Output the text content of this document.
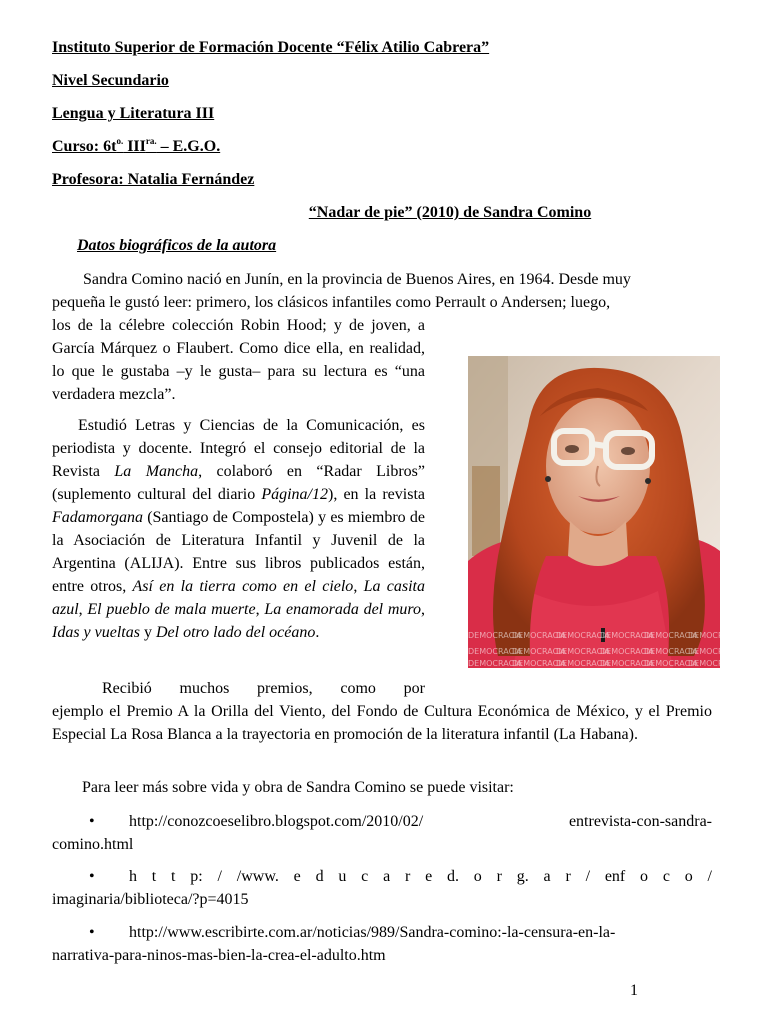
Instituto Superior de Formación Docente “Félix Atilio Cabrera”
Nivel Secundario
Lengua y Literatura III
Curso: $6t^{o.}$ $III^{ra.} - E.G.O$.
Profesora: Natalia Fernández
“Nadar de pie” (2010) de Sandra Comino
Datos biográficos de la autora

Sandra Comino nació en Junín, en la provincia de Buenos Aires, en 1964. Desde muy

pequeña le gustó leer: primero, los clásicos infantiles como Perrault o Andersen; luego,

los de la célebre colección Robin Hood; y de joven, a García Márquez o Flaubert. Como dice ella, en realidad, lo que le gustaba –y le gusta– para su lectura es “una verdadera mezcla”.

Estudió Letras y Ciencias de la Comunicación, es periodista y docente. Integró el consejo editorial de la Revista La Mancha, colaboró en “Radar Libros” (suplemento cultural del diario Página/12), en la revista Fadamorgana (Santiago de Compostela) y es miembro de la Asociación de Literatura Infantil y Juvenil de la Argentina (ALIJA). Entre sus libros publicados están, entre otros, Así en la tierra como en el cielo, La casita azul, El pueblo de mala muerte, La enamorada del muro, Idas y vueltas y Del otro lado del océano.	DEMOCRACIA
DEMOCRACIA
DEMOCRACIA
DEMOCRACIA
DEMOCRACIA
DEMOCRACIA
DEMOCRACIA
DEMOCRACIA
DEMOCRACIA
DEMOCRACIA
DEMOCRACIA
DEMOCRACIA
DEMOCRACIA
DEMOCRACIA
DEMOCRACIA
DEMOCRACIA
DEMOCRACIA
DEMOCRACIA

Recibió muchos premios, como por

ejemplo el Premio A la Orilla del Viento, del Fondo de Cultura Económica de México, y el Premio Especial La Rosa Blanca a la trayectoria en promoción de la literatura infantil (La Habana).

Para leer más sobre vida y obra de Sandra Comino se puede visitar:

• http://conozcoeselibro.blogspot.com/2010/02/	entrevista-con-sandra-
comino.html
• h t t p: / /www. e d u c a r e d. o r g. a r / enf o c o /
imaginaria/biblioteca/?p=4015
• http://www.escribirte.com.ar/noticias/989/Sandra-comino:-la-censura-en-la-
narrativa-para-ninos-mas-bien-la-crea-el-adulto.htm
1
